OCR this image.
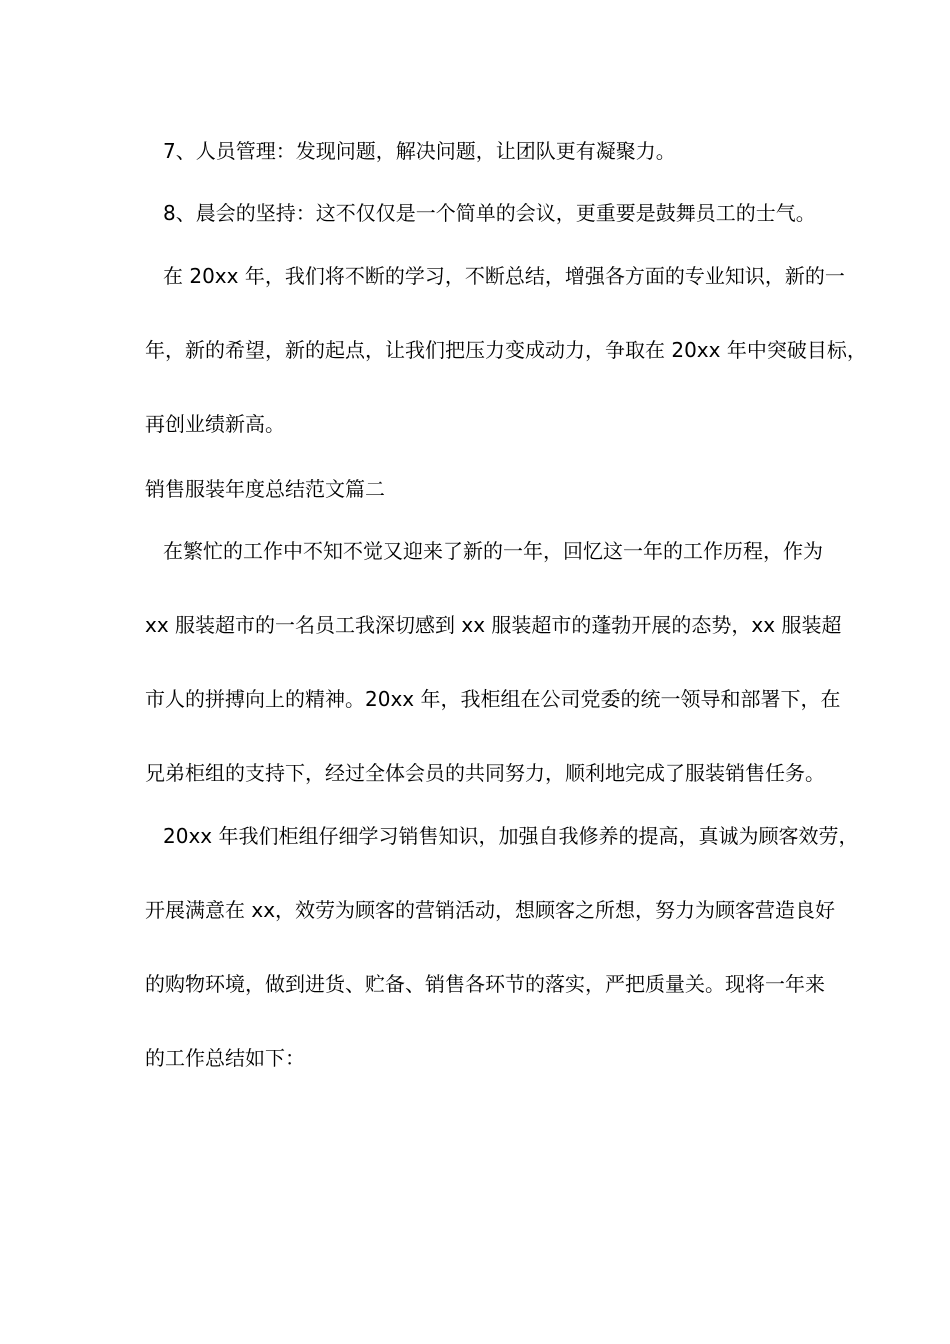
7、人员管理：发现问题，解决问题，让团队更有凝聚力。
8、晨会的坚持：这不仅仅是一个简单的会议，更重要是鼓舞员工的士气。
在 20xx 年，我们将不断的学习，不断总结，增强各方面的专业知识，新的一
年，新的希望，新的起点，让我们把压力变成动力，争取在 20xx 年中突破目标，
再创业绩新高。
销售服装年度总结范文篇二
在繁忙的工作中不知不觉又迎来了新的一年，回忆这一年的工作历程，作为
xx 服装超市的一名员工我深切感到 xx 服装超市的蓬勃开展的态势，xx 服装超
市人的拼搏向上的精神。20xx 年，我柜组在公司党委的统一领导和部署下，在
兄弟柜组的支持下，经过全体会员的共同努力，顺利地完成了服装销售任务。
20xx 年我们柜组仔细学习销售知识，加强自我修养的提高，真诚为顾客效劳，
开展满意在 xx，效劳为顾客的营销活动，想顾客之所想，努力为顾客营造良好
的购物环境，做到进货、贮备、销售各环节的落实，严把质量关。现将一年来
的工作总结如下：
